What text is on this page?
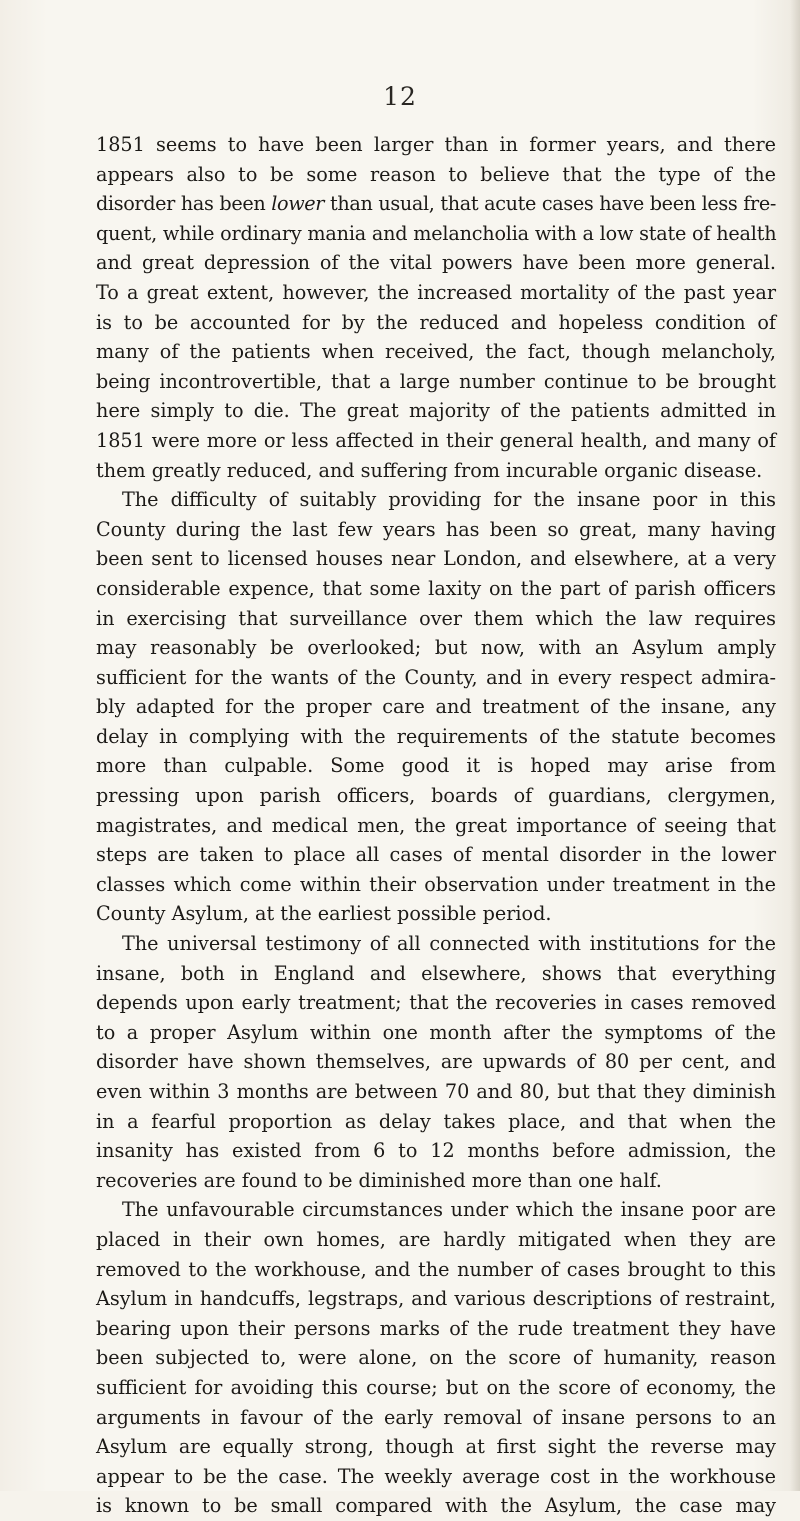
12
1851 seems to have been larger than in former years, and there
appears also to be some reason to believe that the type of the
disorder has been lower than usual, that acute cases have been less fre-
quent, while ordinary mania and melancholia with a low state of health
and great depression of the vital powers have been more general.
To a great extent, however, the increased mortality of the past year
is to be accounted for by the reduced and hopeless condition of
many of the patients when received, the fact, though melancholy,
being incontrovertible, that a large number continue to be brought
here simply to die. The great majority of the patients admitted in
1851 were more or less affected in their general health, and many of
them greatly reduced, and suffering from incurable organic disease.
The difficulty of suitably providing for the insane poor in this
County during the last few years has been so great, many having
been sent to licensed houses near London, and elsewhere, at a very
considerable expence, that some laxity on the part of parish officers
in exercising that surveillance over them which the law requires
may reasonably be overlooked; but now, with an Asylum amply
sufficient for the wants of the County, and in every respect admira-
bly adapted for the proper care and treatment of the insane, any
delay in complying with the requirements of the statute becomes
more than culpable. Some good it is hoped may arise from
pressing upon parish officers, boards of guardians, clergymen,
magistrates, and medical men, the great importance of seeing that
steps are taken to place all cases of mental disorder in the lower
classes which come within their observation under treatment in the
County Asylum, at the earliest possible period.
The universal testimony of all connected with institutions for the
insane, both in England and elsewhere, shows that everything
depends upon early treatment; that the recoveries in cases removed
to a proper Asylum within one month after the symptoms of the
disorder have shown themselves, are upwards of 80 per cent, and
even within 3 months are between 70 and 80, but that they diminish
in a fearful proportion as delay takes place, and that when the
insanity has existed from 6 to 12 months before admission, the
recoveries are found to be diminished more than one half.
The unfavourable circumstances under which the insane poor are
placed in their own homes, are hardly mitigated when they are
removed to the workhouse, and the number of cases brought to this
Asylum in handcuffs, legstraps, and various descriptions of restraint,
bearing upon their persons marks of the rude treatment they have
been subjected to, were alone, on the score of humanity, reason
sufficient for avoiding this course; but on the score of economy, the
arguments in favour of the early removal of insane persons to an
Asylum are equally strong, though at first sight the reverse may
appear to be the case. The weekly average cost in the workhouse
is known to be small compared with the Asylum, the case may
